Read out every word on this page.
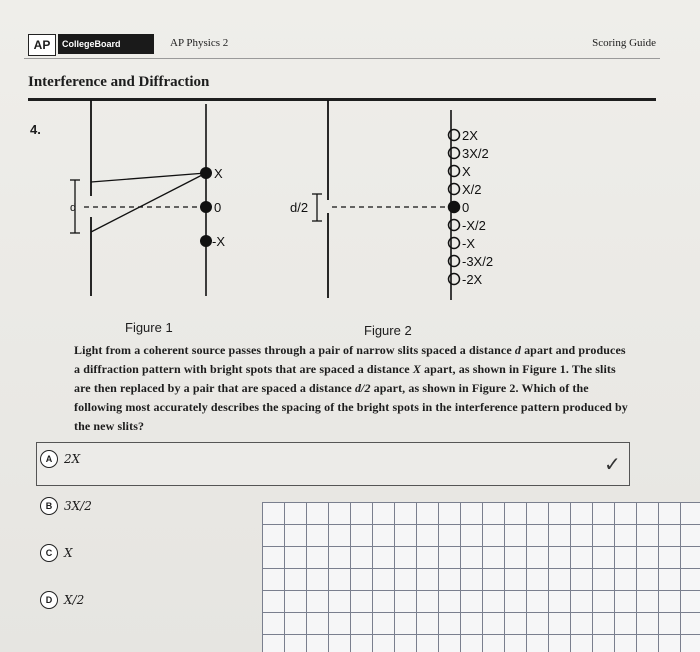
AP	CollegeBoard	AP Physics 2	Scoring Guide
Interference and Diffraction
4.
d
X
0
-X
d/2
2X
3X/2
X
X/2
0
-X/2
-X
-3X/2
-2X
Figure 1	Figure 2
Light from a coherent source passes through a pair of narrow slits spaced a distance d apart and produces a diffraction pattern with bright spots that are spaced a distance X apart, as shown in Figure 1. The slits are then replaced by a pair that are spaced a distance d/2 apart, as shown in Figure 2. Which of the following most accurately describes the spacing of the bright spots in the interference pattern produced by the new slits?
✓
A 2X
B 3X/2
C X
D X/2
